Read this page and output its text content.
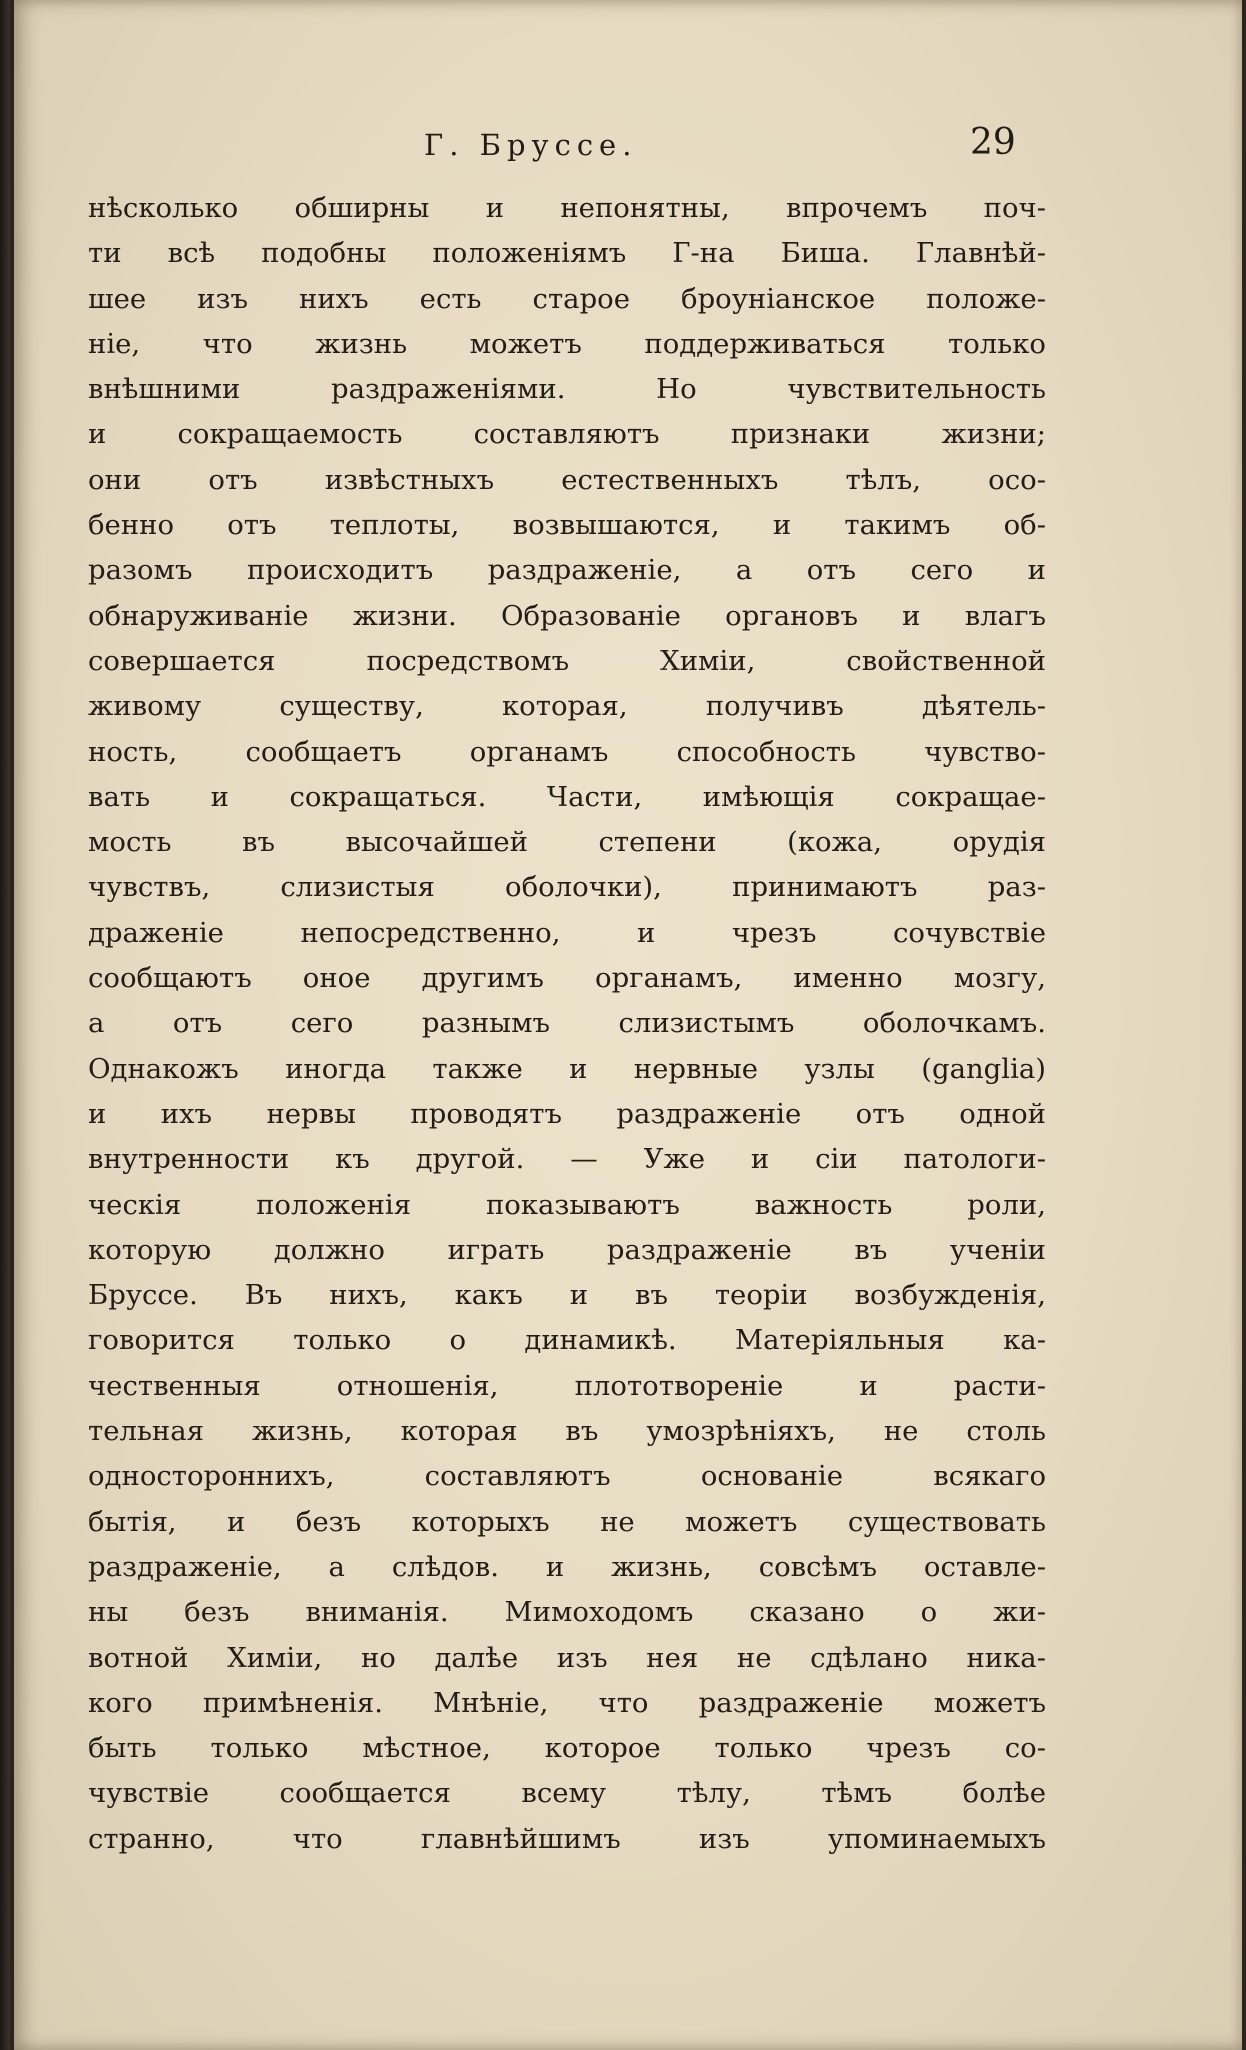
Г. Бруссе.	29
нѣсколько обширны и непонятны, впрочемъ поч-
ти всѣ подобны положеніямъ Г-на Биша. Главнѣй-
шее изъ нихъ есть старое броуніанское положе-
ніе, что жизнь можетъ поддерживаться только
внѣшними раздраженіями. Но чувствительность
и сокращаемость составляютъ признаки жизни;
они отъ извѣстныхъ естественныхъ тѣлъ, осо-
бенно отъ теплоты, возвышаются, и такимъ об-
разомъ происходитъ раздраженіе, а отъ сего и
обнаруживаніе жизни. Образованіе органовъ и влагъ
совершается посредствомъ Химіи, свойственной
живому существу, которая, получивъ дѣятель-
ность, сообщаетъ органамъ способность чувство-
вать и сокращаться. Части, имѣющія сокращае-
мость въ высочайшей степени (кожа, орудія
чувствъ, слизистыя оболочки), принимаютъ раз-
драженіе непосредственно, и чрезъ сочувствіе
сообщаютъ оное другимъ органамъ, именно мозгу,
а отъ сего разнымъ слизистымъ оболочкамъ.
Однакожъ иногда также и нервные узлы (ganglia)
и ихъ нервы проводятъ раздраженіе отъ одной
внутренности къ другой. — Уже и сіи патологи-
ческія положенія показываютъ важность роли,
которую должно играть раздраженіе въ ученіи
Бруссе. Въ нихъ, какъ и въ теоріи возбужденія,
говорится только о динамикѣ. Матеріяльныя ка-
чественныя отношенія, плототвореніе и расти-
тельная жизнь, которая въ умозрѣніяхъ, не столь
одностороннихъ, составляютъ основаніе всякаго
бытія, и безъ которыхъ не можетъ существовать
раздраженіе, а слѣдов. и жизнь, совсѣмъ оставле-
ны безъ вниманія. Мимоходомъ сказано о жи-
вотной Химіи, но далѣе изъ нея не сдѣлано никa-
кого примѣненія. Мнѣніе, что раздраженіе можетъ
быть только мѣстное, которое только чрезъ со-
чувствіе сообщается всему тѣлу, тѣмъ болѣе
странно, что главнѣйшимъ изъ упоминаемыхъ
